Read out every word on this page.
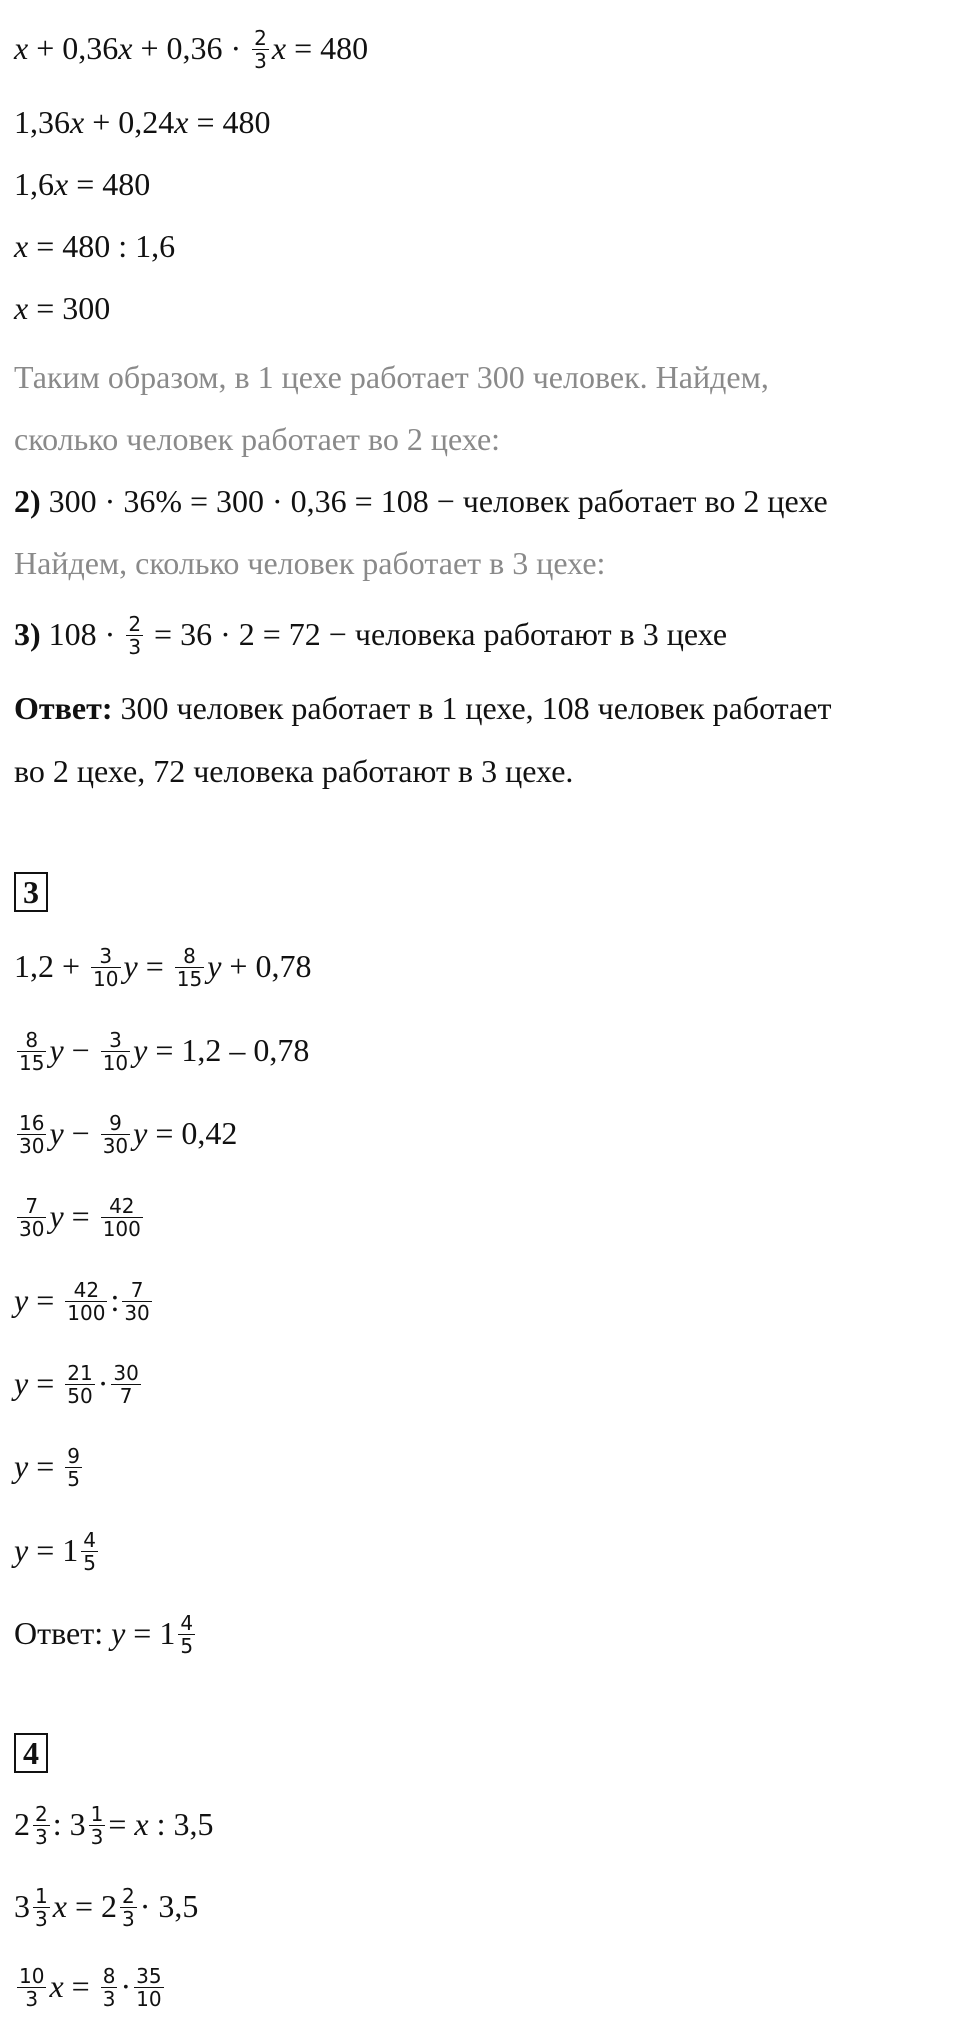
$x + 0,36x + 0,36 \cdot \frac{2}{3}$ x = 480
1,36x + 0,24x = 480
1,6x = 480
x = 480 : 1,6
x = 300
Таким образом, в 1 цехе работает 300 человек. Найдем,
сколько человек работает во 2 цехе:
2) 300 · 36% = 300 · 0,36 = 108 − человек работает во 2 цехе
Найдем, сколько человек работает в 3 цехе:
3) $108 \cdot \frac{2}{3} = 36 \cdot 2 = 72$ − человека работают в 3 цехе
Ответ: 300 человек работает в 1 цехе, 108 человек работает
во 2 цехе, 72 человека работают в 3 цехе.
3
$1,2 + \frac{3}{10}$ $y = \frac{8}{15}$ y + 0,78
$\frac{8}{15}$ $y - \frac{3}{10}$ y = 1,2 – 0,78
$\frac{16}{30}$ $y - \frac{9}{30}$ y = 0,42
$\frac{7}{30}$ $y = \frac{42}{100}$
$y = \frac{42}{100}$ : $\frac{7}{30}$
$y = \frac{21}{50} \cdot \frac{30}{7}$
$y = \frac{9}{5}$
$y = 1 \frac{4}{5}$
Ответ: $y = 1 \frac{4}{5}$
4
$2 \frac{2}{3}$ : $3 \frac{1}{3} = x$ : 3,5
$3 \frac{1}{3}$ $x = 2 \frac{2}{3} \cdot 3,5$
$\frac{10}{3}$ $x = \frac{8}{3} \cdot \frac{35}{10}$
